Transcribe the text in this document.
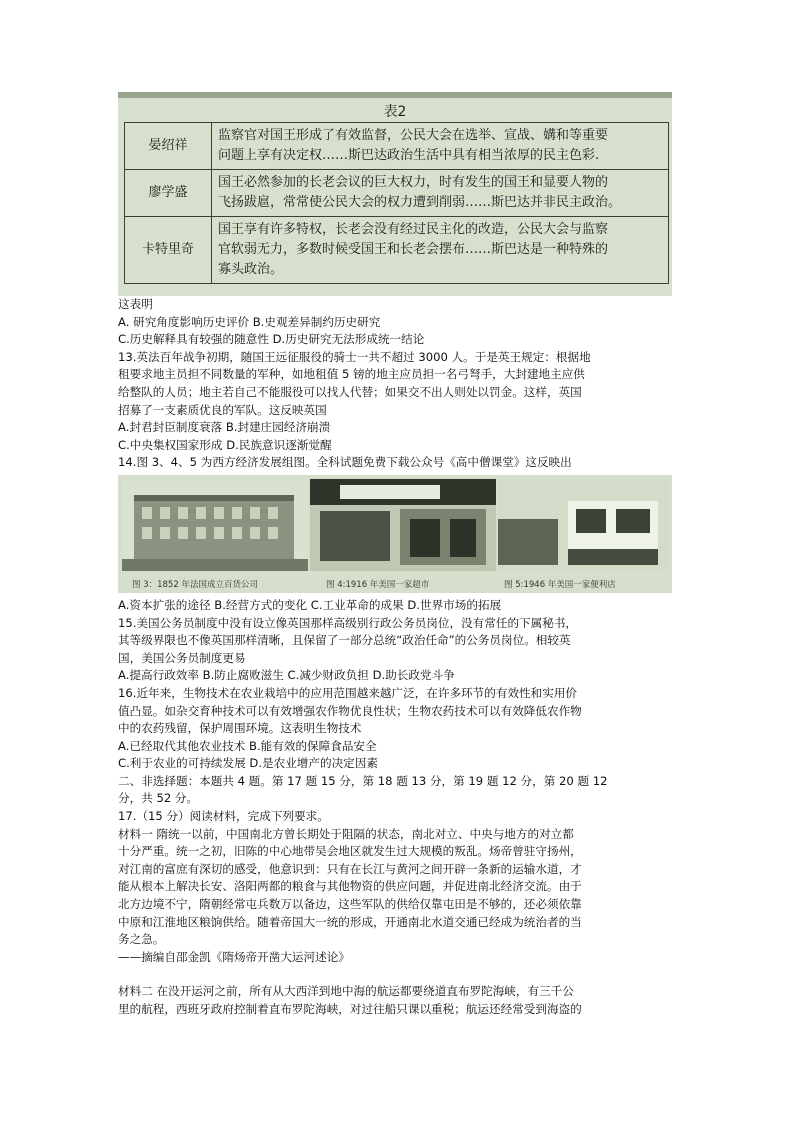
表2
晏绍祥	监察官对国王形成了有效监督，公民大会在选举、宣战、媾和等重要
问题上享有决定权……斯巴达政治生活中具有相当浓厚的民主色彩.

廖学盛	国王必然参加的长老会议的巨大权力，时有发生的国王和显要人物的
飞扬跋扈，常常使公民大会的权力遭到削弱……斯巴达并非民主政治。

卡特里奇	国王享有许多特权，长老会没有经过民主化的改造，公民大会与监察
官软弱无力，多数时候受国王和长老会摆布……斯巴达是一种特殊的
寡头政治。

这表明

A. 研究角度影响历史评价 B.史观差异制约历史研究

C.历史解释具有较强的随意性 D.历史研究无法形成统一结论

13.英法百年战争初期，随国王远征服役的骑士一共不超过 3000 人。于是英王规定：根据地

租要求地主员担不同数量的军种，如地租值 5 镑的地主应员担一名弓弩手，大封建地主应供

给整队的人员；地主若自己不能服役可以找人代替；如果交不出人则处以罚金。这样，英国

招募了一支素质优良的军队。这反映英国

A.封君封臣制度衰落 B.封建庄园经济崩溃

C.中央集权国家形成 D.民族意识逐渐觉醒

14.图 3、4、5 为西方经济发展组图。全科试题免费下载公众号《高中僧课堂》这反映出

图 3：1852 年法国成立百货公司	图 4:1916 年美国一家超市	图 5:1946 年美国一家便利店

A.资本扩张的途径 B.经营方式的变化 C.工业革命的成果 D.世界市场的拓展

15.美国公务员制度中没有设立像英国那样高级别行政公务员岗位，没有常任的下属秘书，

其等级界限也不像英国那样清晰，且保留了一部分总统“政治任命”的公务员岗位。相较英

国，美国公务员制度更易

A.提高行政效率 B.防止腐败滋生 C.减少财政负担 D.助长政党斗争

16.近年来，生物技术在农业栽培中的应用范围越来越广泛，在许多环节的有效性和实用价

值凸显。如杂交育种技术可以有效增强农作物优良性状；生物农药技术可以有效降低农作物

中的农药残留，保护周围环境。这表明生物技术

A.已经取代其他农业技术 B.能有效的保障食品安全

C.利于农业的可持续发展 D.是农业增产的决定因素

二、非选择题：本题共 4 题。第 17 题 15 分，第 18 题 13 分，第 19 题 12 分，第 20 题 12

分，共 52 分。

17.（15 分）阅读材料，完成下列要求。

材料一 隋统一以前，中国南北方曾长期处于阻隔的状态，南北对立、中央与地方的对立都

十分严重。统一之初，旧陈的中心地带吴会地区就发生过大规模的叛乱。炀帝曾驻守扬州，

对江南的富庶有深切的感受，他意识到：只有在长江与黄河之间开辟一条新的运输水道，才

能从根本上解决长安、洛阳两都的粮食与其他物资的供应问题，并促进南北经济交流。由于

北方边境不宁，隋朝经常屯兵数万以备边，这些军队的供给仅靠屯田是不够的，还必须依靠

中原和江淮地区粮饷供给。随着帝国大一统的形成，开通南北水道交通已经成为统治者的当

务之急。

——摘编自邵金凯《隋炀帝开凿大运河述论》

材料二 在没开运河之前，所有从大西洋到地中海的航运都要绕道直布罗陀海峡，有三千公

里的航程，西班牙政府控制着直布罗陀海峡，对过往船只课以重税；航运还经常受到海盗的
